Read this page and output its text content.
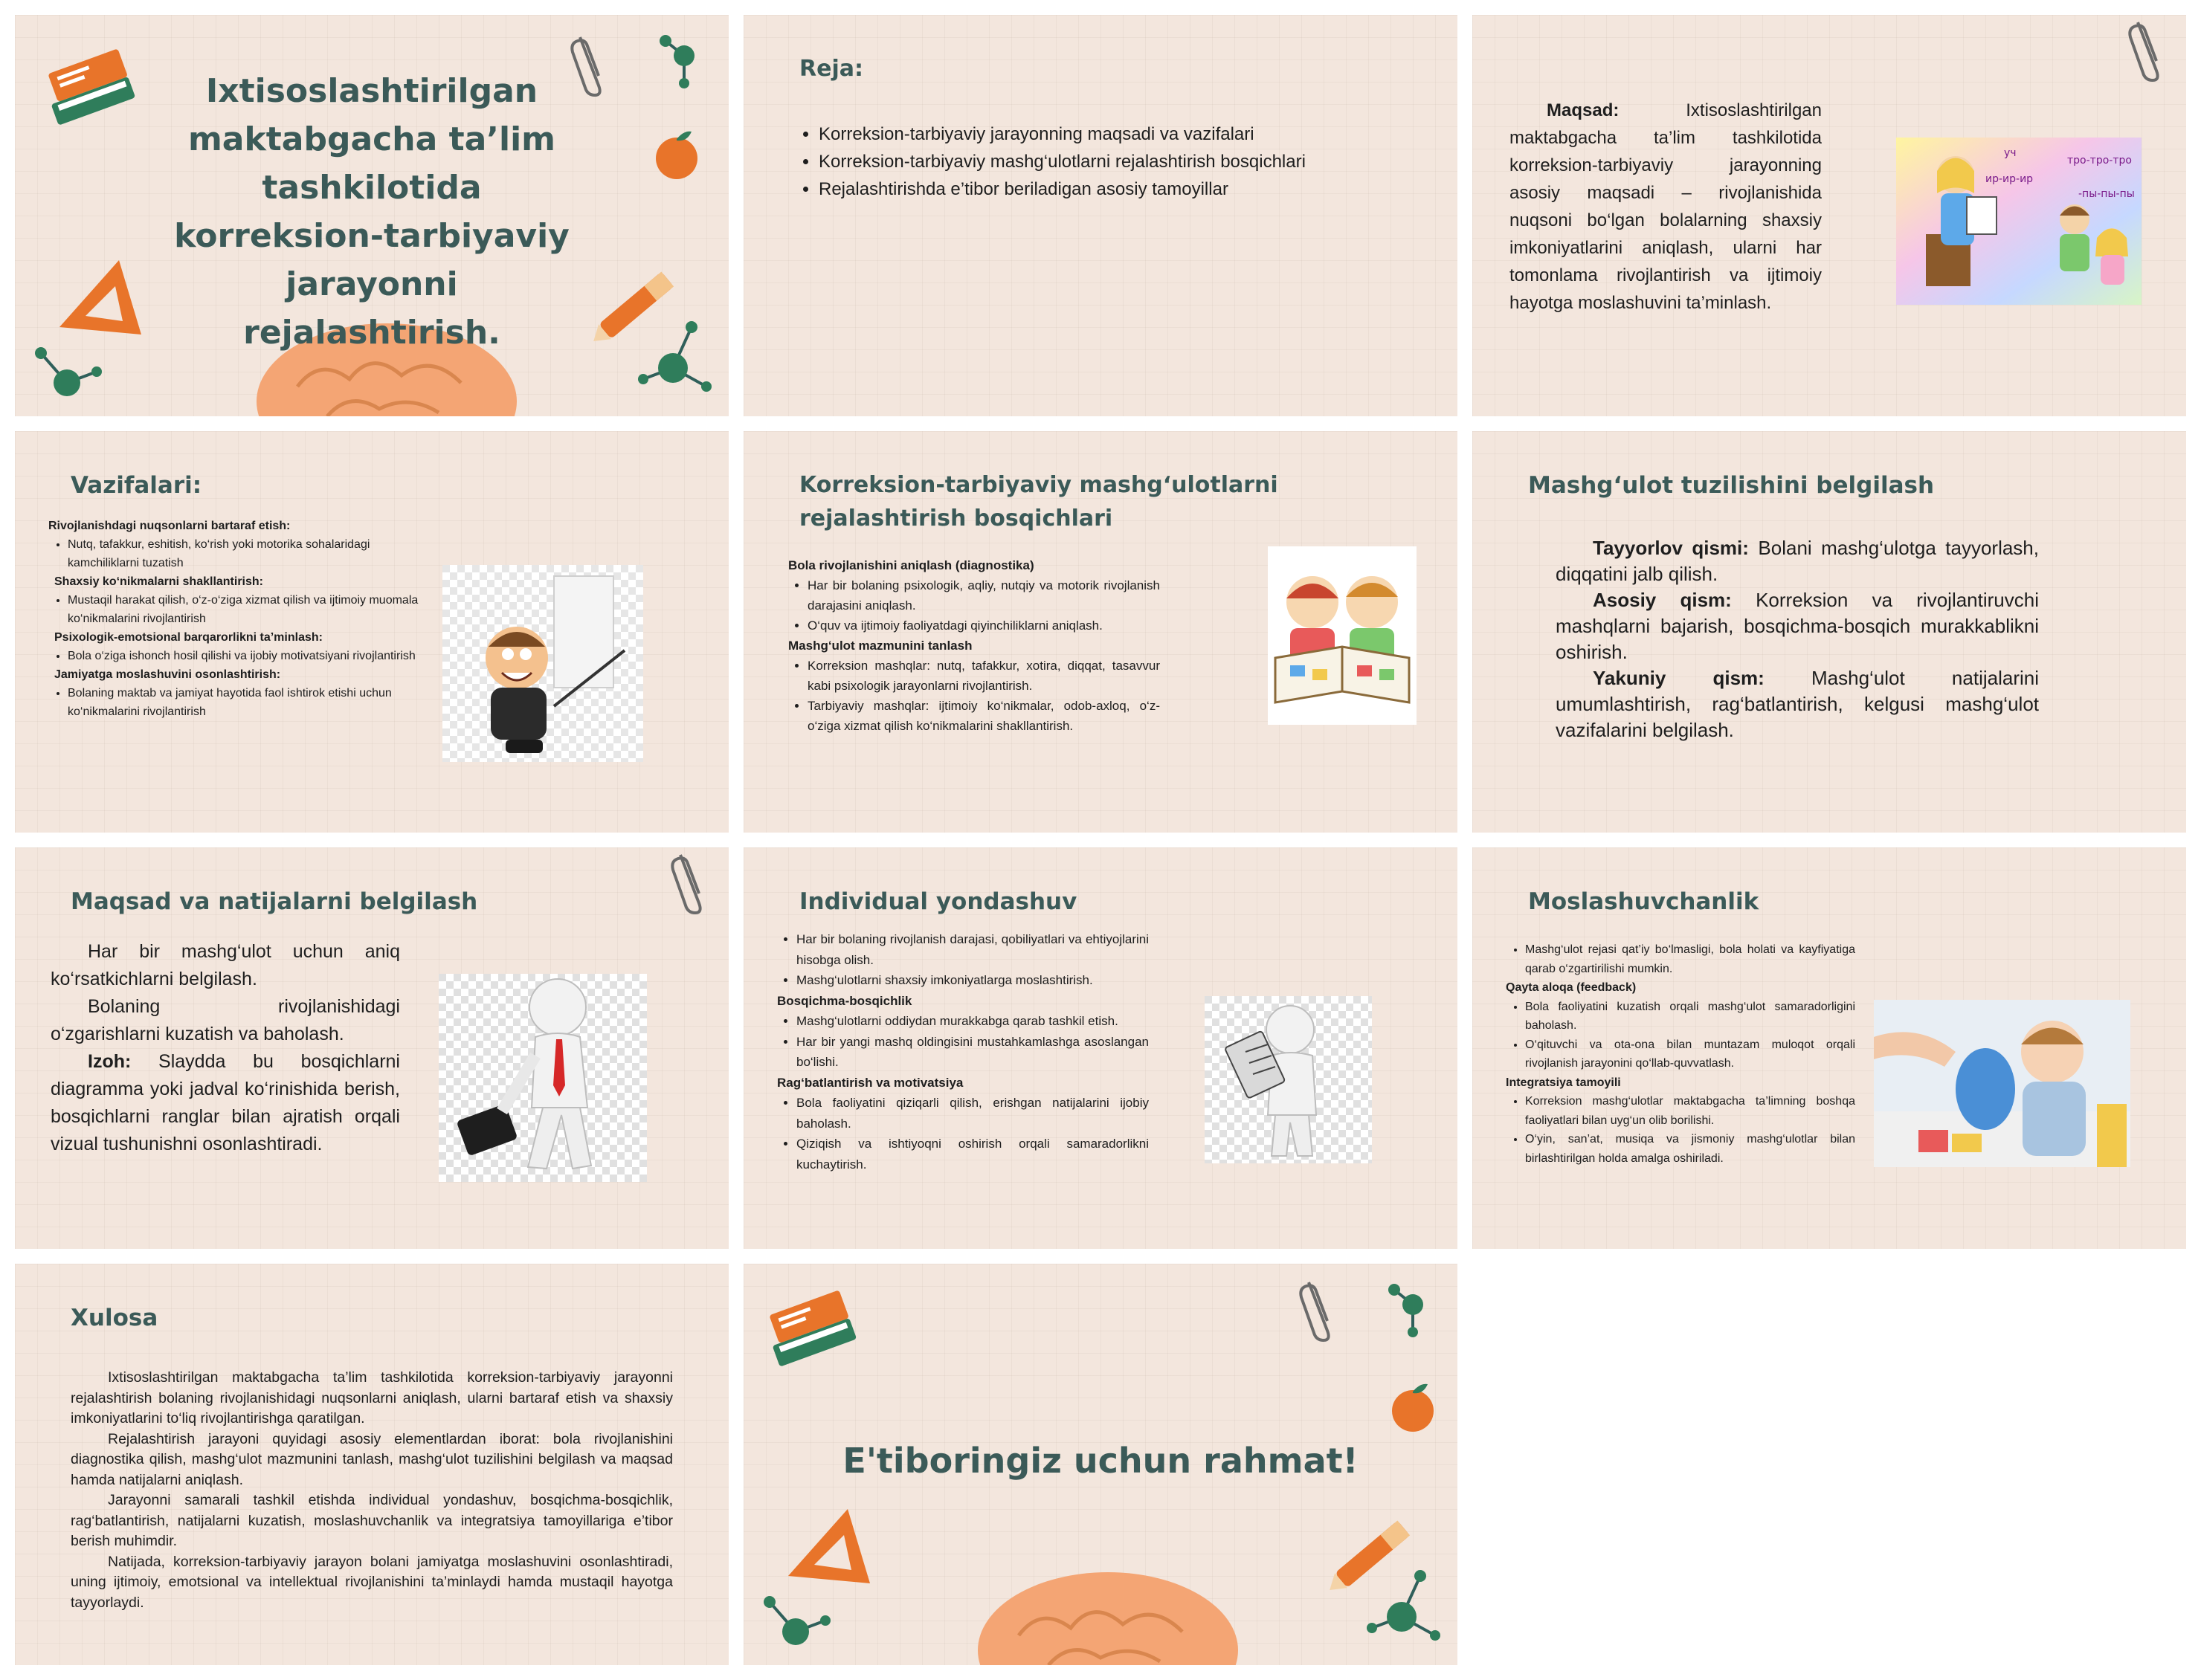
Ixtisoslashtirilgan maktabgacha ta’lim tashkilotida korreksion-tarbiyaviy jarayonni rejalashtirish.
Reja:
• Korreksion-tarbiyaviy jarayonning maqsadi va vazifalari
• Korreksion-tarbiyaviy mashg‘ulotlarni rejalashtirish bosqichlari
• Rejalashtirishda e’tibor beriladigan asosiy tamoyillar
Maqsad:	Ixtisoslashtirilgan maktabgacha ta’lim tashkilotida korreksion-tarbiyaviy jarayonning asosiy maqsadi – rivojlanishida nuqsoni bo‘lgan bolalarning shaxsiy imkoniyatlarini aniqlash, ularni har tomonlama rivojlantirish va ijtimoiy hayotga moslashuvini ta’minlash.
уч
ир-ир-ир
тро-тро-тро
-пы-пы-пы
Vazifalari:
Rivojlanishdagi nuqsonlarni bartaraf etish:
• Nutq, tafakkur, eshitish, ko‘rish yoki motorika sohalaridagi kamchiliklarni tuzatish
Shaxsiy ko‘nikmalarni shakllantirish:
• Mustaqil harakat qilish, o‘z-o‘ziga xizmat qilish va ijtimoiy muomala ko‘nikmalarini rivojlantirish
Psixologik-emotsional barqarorlikni ta’minlash:
• Bola o‘ziga ishonch hosil qilishi va ijobiy motivatsiyani rivojlantirish
Jamiyatga moslashuvini osonlashtirish:
• Bolaning maktab va jamiyat hayotida faol ishtirok etishi uchun ko‘nikmalarini rivojlantirish
Korreksion-tarbiyaviy mashg‘ulotlarni rejalashtirish bosqichlari
Bola rivojlanishini aniqlash (diagnostika)
• Har bir bolaning psixologik, aqliy, nutqiy va motorik rivojlanish darajasini aniqlash.
• O‘quv va ijtimoiy faoliyatdagi qiyinchiliklarni aniqlash.
Mashg‘ulot mazmunini tanlash
• Korreksion mashqlar: nutq, tafakkur, xotira, diqqat, tasavvur kabi psixologik jarayonlarni rivojlantirish.
• Tarbiyaviy mashqlar: ijtimoiy ko‘nikmalar, odob-axloq, o‘z-o‘ziga xizmat qilish ko‘nikmalarini shakllantirish.
Mashg‘ulot tuzilishini belgilash
Tayyorlov qismi: Bolani mashg‘ulotga tayyorlash, diqqatini jalb qilish.
Asosiy qism: Korreksion va rivojlantiruvchi mashqlarni bajarish, bosqichma-bosqich murakkablikni oshirish.
Yakuniy qism: Mashg‘ulot natijalarini umumlashtirish, rag‘batlantirish, kelgusi mashg‘ulot vazifalarini belgilash.
Maqsad va natijalarni belgilash
Har bir mashg‘ulot uchun aniq ko‘rsatkichlarni belgilash.
Bolaning rivojlanishidagi o‘zgarishlarni kuzatish va baholash.
Izoh: Slaydda bu bosqichlarni diagramma yoki jadval ko‘rinishida berish, bosqichlarni ranglar bilan ajratish orqali vizual tushunishni osonlashtiradi.
Individual yondashuv
• Har bir bolaning rivojlanish darajasi, qobiliyatlari va ehtiyojlarini hisobga olish.
• Mashg‘ulotlarni shaxsiy imkoniyatlarga moslashtirish.
Bosqichma-bosqichlik
• Mashg‘ulotlarni oddiydan murakkabga qarab tashkil etish.
• Har bir yangi mashq oldingisini mustahkamlashga asoslangan bo‘lishi.
Rag‘batlantirish va motivatsiya
• Bola faoliyatini qiziqarli qilish, erishgan natijalarini ijobiy baholash.
• Qiziqish va ishtiyoqni oshirish orqali samaradorlikni kuchaytirish.
Moslashuvchanlik
• Mashg‘ulot rejasi qat’iy bo‘lmasligi, bola holati va kayfiyatiga qarab o‘zgartirilishi mumkin.
Qayta aloqa (feedback)
• Bola faoliyatini kuzatish orqali mashg‘ulot samaradorligini baholash.
• O‘qituvchi va ota-ona bilan muntazam muloqot orqali rivojlanish jarayonini qo‘llab-quvvatlash.
Integratsiya tamoyili
• Korreksion mashg‘ulotlar maktabgacha ta’limning boshqa faoliyatlari bilan uyg‘un olib borilishi.
• O‘yin, san’at, musiqa va jismoniy mashg‘ulotlar bilan birlashtirilgan holda amalga oshiriladi.
Xulosa
Ixtisoslashtirilgan maktabgacha ta’lim tashkilotida korreksion-tarbiyaviy jarayonni rejalashtirish bolaning rivojlanishidagi nuqsonlarni aniqlash, ularni bartaraf etish va shaxsiy imkoniyatlarini to‘liq rivojlantirishga qaratilgan.
Rejalashtirish jarayoni quyidagi asosiy elementlardan iborat: bola rivojlanishini diagnostika qilish, mashg‘ulot mazmunini tanlash, mashg‘ulot tuzilishini belgilash va maqsad hamda natijalarni aniqlash.
Jarayonni samarali tashkil etishda individual yondashuv, bosqichma-bosqichlik, rag‘batlantirish, natijalarni kuzatish, moslashuvchanlik va integratsiya tamoyillariga e’tibor berish muhimdir.
Natijada, korreksion-tarbiyaviy jarayon bolani jamiyatga moslashuvini osonlashtiradi, uning ijtimoiy, emotsional va intellektual rivojlanishini ta’minlaydi hamda mustaqil hayotga tayyorlaydi.
E'tiboringiz uchun rahmat!
